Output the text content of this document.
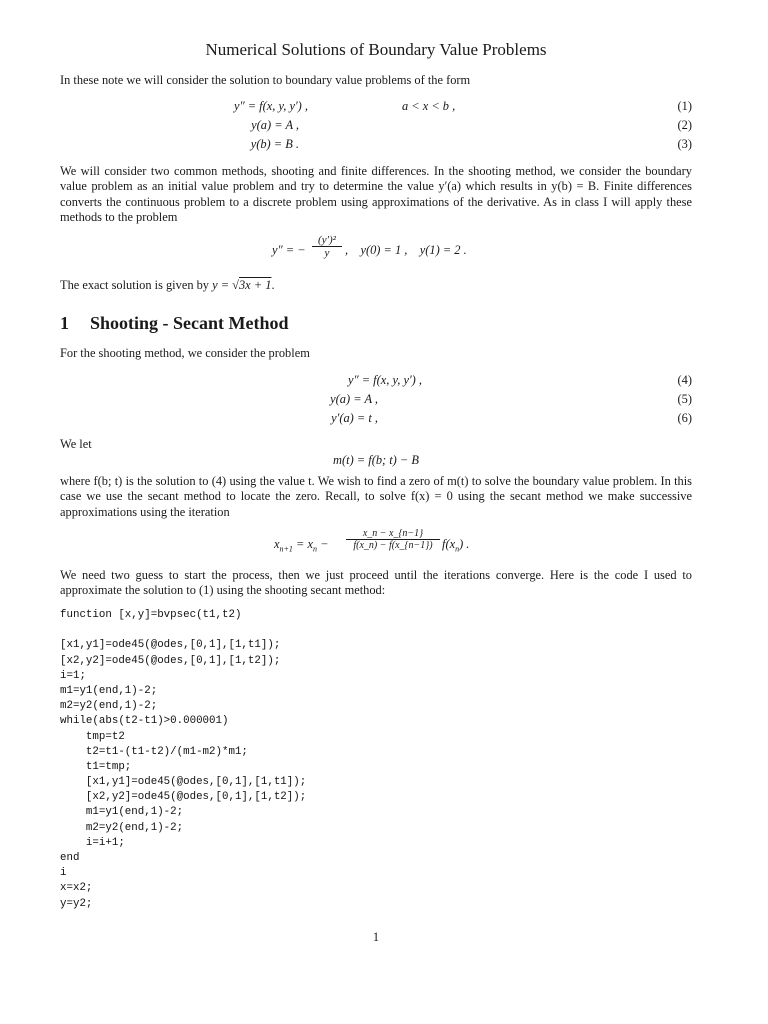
Numerical Solutions of Boundary Value Problems
In these note we will consider the solution to boundary value problems of the form
y″ = f(x, y, y′) ,	a < x < b ,	(1)
y(a) = A ,	(2)
y(b) = B .	(3)
We will consider two common methods, shooting and finite differences. In the shooting method, we consider the boundary value problem as an initial value problem and try to determine the value y′(a) which results in y(b) = B. Finite differences converts the continuous problem to a discrete problem using approximations of the derivative. As in class I will apply these methods to the problem
y″ = − $\frac{\text{(y′)²}}{y}$ ,    y(0) = 1 ,    y(1) = 2 .
The exact solution is given by y = √3x + 1.
1 Shooting - Secant Method
For the shooting method, we consider the problem
y″ = f(x, y, y′) ,	(4)
y(a) = A ,	(5)
y′(a) = t ,	(6)
We let
m(t) = f(b; t) − B
where f(b; t) is the solution to (4) using the value t. We wish to find a zero of m(t) to solve the boundary value problem. In this case we use the secant method to locate the zero. Recall, to solve f(x) = 0 using the secant method we make successive approximations using the iteration
$x_{n+1} = x_n - \frac{x\_n - x\_\{n-1\}}{f(x\_n) - f(x\_\{n-1\})} f(x_n)$ .
We need two guess to start the process, then we just proceed until the iterations converge. Here is the code I used to approximate the solution to (1) using the shooting secant method:
function [x,y]=bvpsec(t1,t2)
[x1,y1]=ode45(@odes,[0,1],[1,t1]);
[x2,y2]=ode45(@odes,[0,1],[1,t2]);
i=1;
m1=y1(end,1)-2;
m2=y2(end,1)-2;
while(abs(t2-t1)>0.000001)
tmp=t2
t2=t1-(t1-t2)/(m1-m2)*m1;
t1=tmp;
[x1,y1]=ode45(@odes,[0,1],[1,t1]);
[x2,y2]=ode45(@odes,[0,1],[1,t2]);
m1=y1(end,1)-2;
m2=y2(end,1)-2;
i=i+1;
end
i
x=x2;
y=y2;
1
